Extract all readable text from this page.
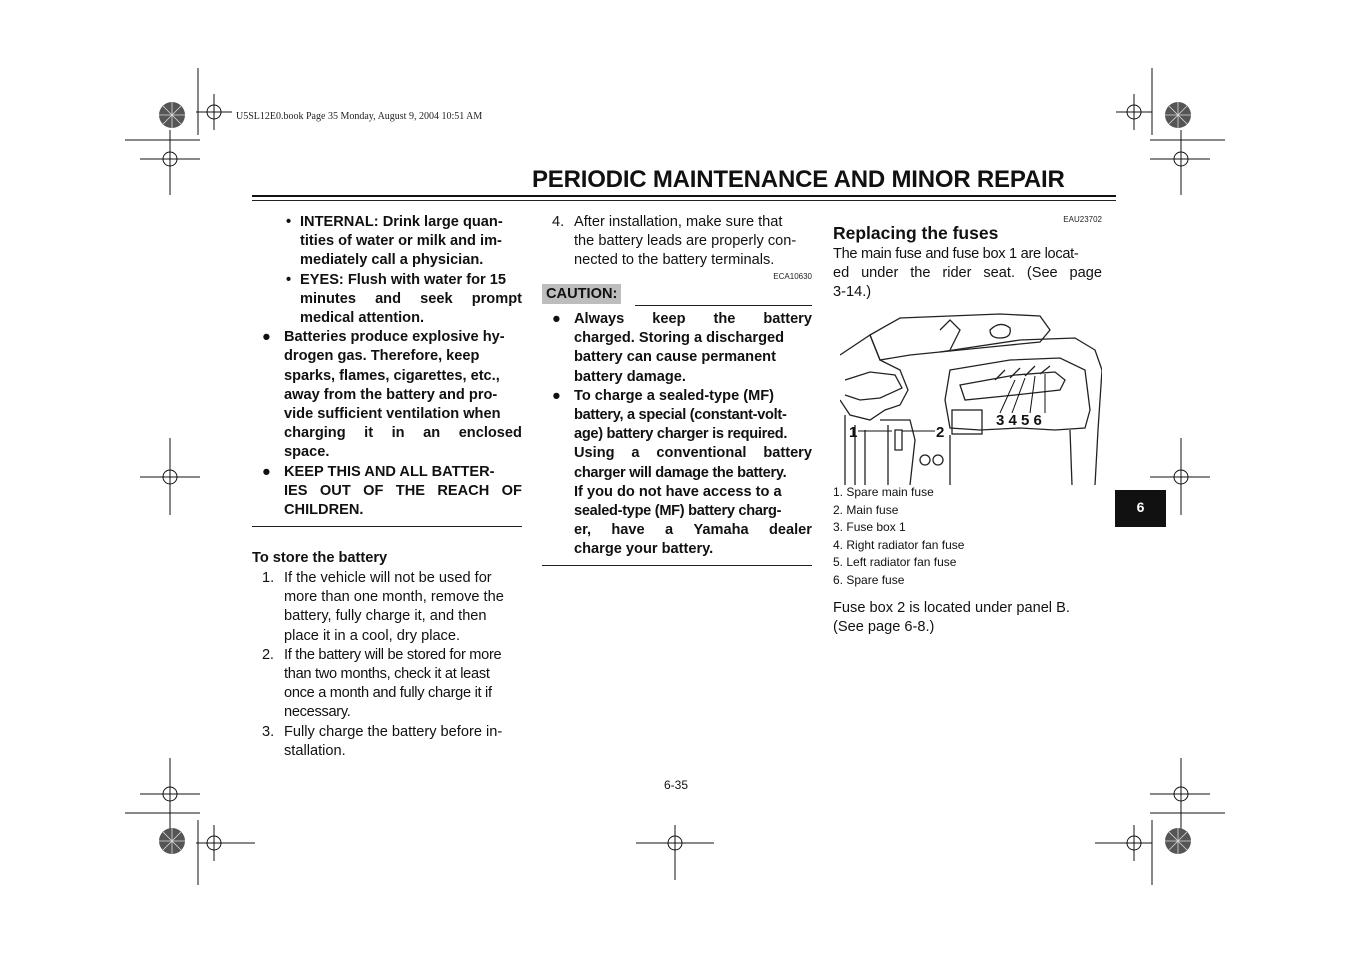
U5SL12E0.book Page 35 Monday, August 9, 2004 10:51 AM
PERIODIC MAINTENANCE AND MINOR REPAIR
• INTERNAL: Drink large quan-
tities of water or milk and im-
mediately call a physician.
• EYES: Flush with water for 15
minutes and seek prompt
medical attention.
● Batteries produce explosive hy-
drogen gas. Therefore, keep
sparks, flames, cigarettes, etc.,
away from the battery and pro-
vide sufficient ventilation when
charging it in an enclosed
space.
● KEEP THIS AND ALL BATTER-
IES OUT OF THE REACH OF
CHILDREN.
To store the battery
1. If the vehicle will not be used for
more than one month, remove the
battery, fully charge it, and then
place it in a cool, dry place.
2. If the battery will be stored for more
than two months, check it at least
once a month and fully charge it if
necessary.
3. Fully charge the battery before in-
stallation.
4. After installation, make sure that
the battery leads are properly con-
nected to the battery terminals.
ECA10630
CAUTION:
● Always keep the battery
charged. Storing a discharged
battery can cause permanent
battery damage.
● To charge a sealed-type (MF)
battery, a special (constant-volt-
age) battery charger is required.
Using a conventional battery
charger will damage the battery.
If you do not have access to a
sealed-type (MF) battery charg-
er, have a Yamaha dealer
charge your battery.
EAU23702
Replacing the fuses
The main fuse and fuse box 1 are locat-
ed under the rider seat. (See page
3-14.)
1	2
3 4 5 6
1. Spare main fuse
2. Main fuse
3. Fuse box 1
4. Right radiator fan fuse
5. Left radiator fan fuse
6. Spare fuse
Fuse box 2 is located under panel B.
(See page 6-8.)
6
6-35
